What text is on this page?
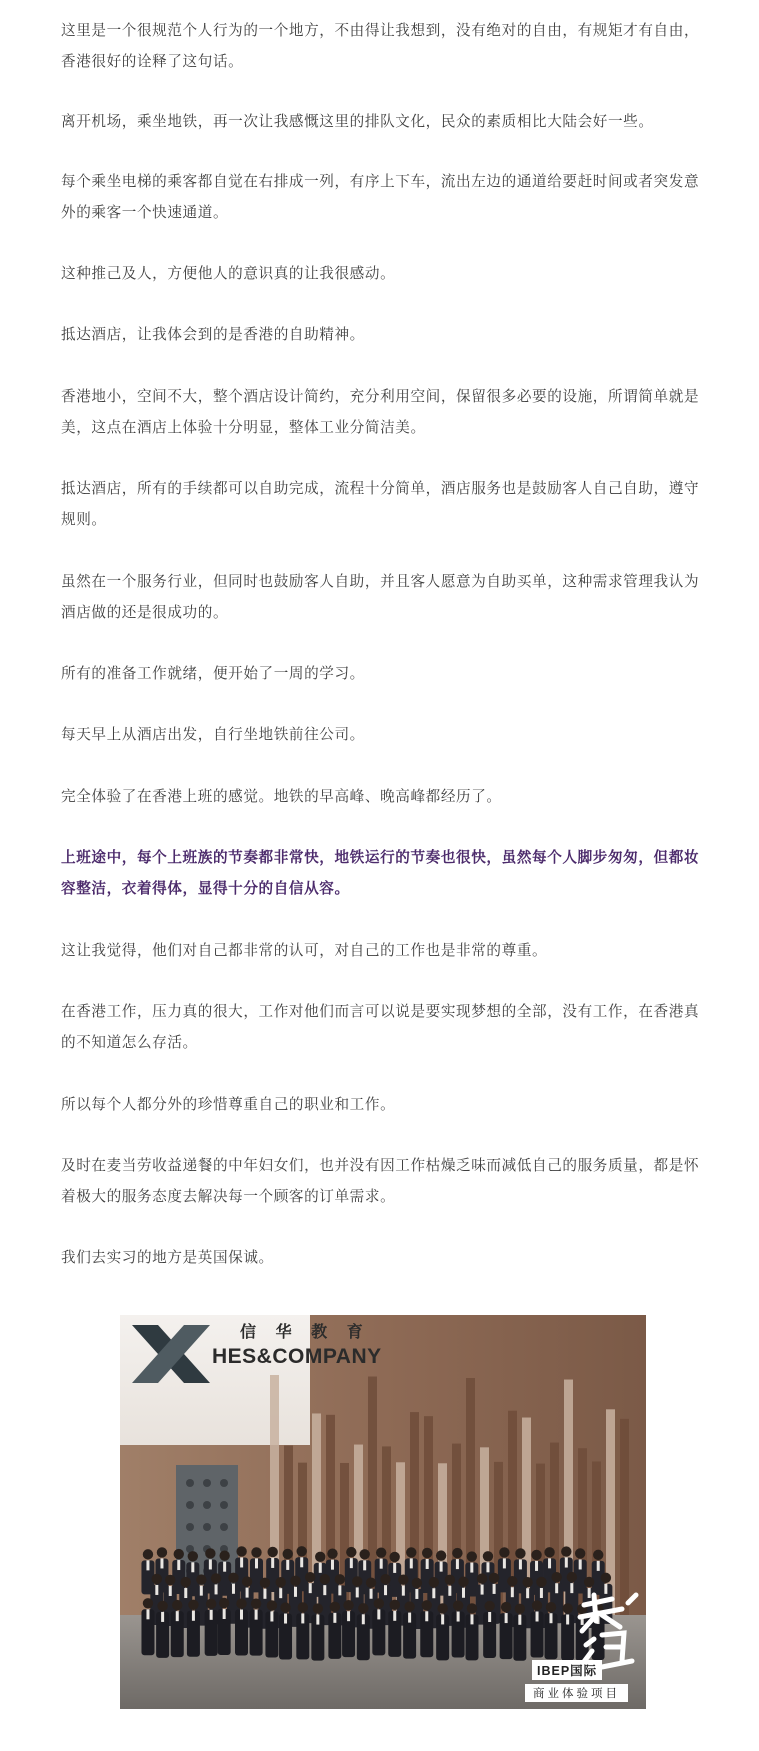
这里是一个很规范个人行为的一个地方，不由得让我想到，没有绝对的自由，有规矩才有自由，香港很好的诠释了这句话。

离开机场，乘坐地铁，再一次让我感慨这里的排队文化，民众的素质相比大陆会好一些。

每个乘坐电梯的乘客都自觉在右排成一列，有序上下车，流出左边的通道给要赶时间或者突发意外的乘客一个快速通道。

这种推己及人，方便他人的意识真的让我很感动。

抵达酒店，让我体会到的是香港的自助精神。

香港地小，空间不大，整个酒店设计简约，充分利用空间，保留很多必要的设施，所谓简单就是美，这点在酒店上体验十分明显，整体工业分简洁美。

抵达酒店，所有的手续都可以自助完成，流程十分简单，酒店服务也是鼓励客人自己自助，遵守规则。

虽然在一个服务行业，但同时也鼓励客人自助，并且客人愿意为自助买单，这种需求管理我认为酒店做的还是很成功的。

所有的准备工作就绪，便开始了一周的学习。

每天早上从酒店出发，自行坐地铁前往公司。

完全体验了在香港上班的感觉。地铁的早高峰、晚高峰都经历了。

上班途中，每个上班族的节奏都非常快，地铁运行的节奏也很快，虽然每个人脚步匆匆，但都妆容整洁，衣着得体，显得十分的自信从容。

这让我觉得，他们对自己都非常的认可，对自己的工作也是非常的尊重。

在香港工作，压力真的很大，工作对他们而言可以说是要实现梦想的全部，没有工作，在香港真的不知道怎么存活。

所以每个人都分外的珍惜尊重自己的职业和工作。

及时在麦当劳收益递餐的中年妇女们，也并没有因工作枯燥乏味而减低自己的服务质量，都是怀着极大的服务态度去解决每一个顾客的订单需求。

我们去实习的地方是英国保诚。

信 华 教 育
HES&COMPANY
IBEP国际
商业体验项目
